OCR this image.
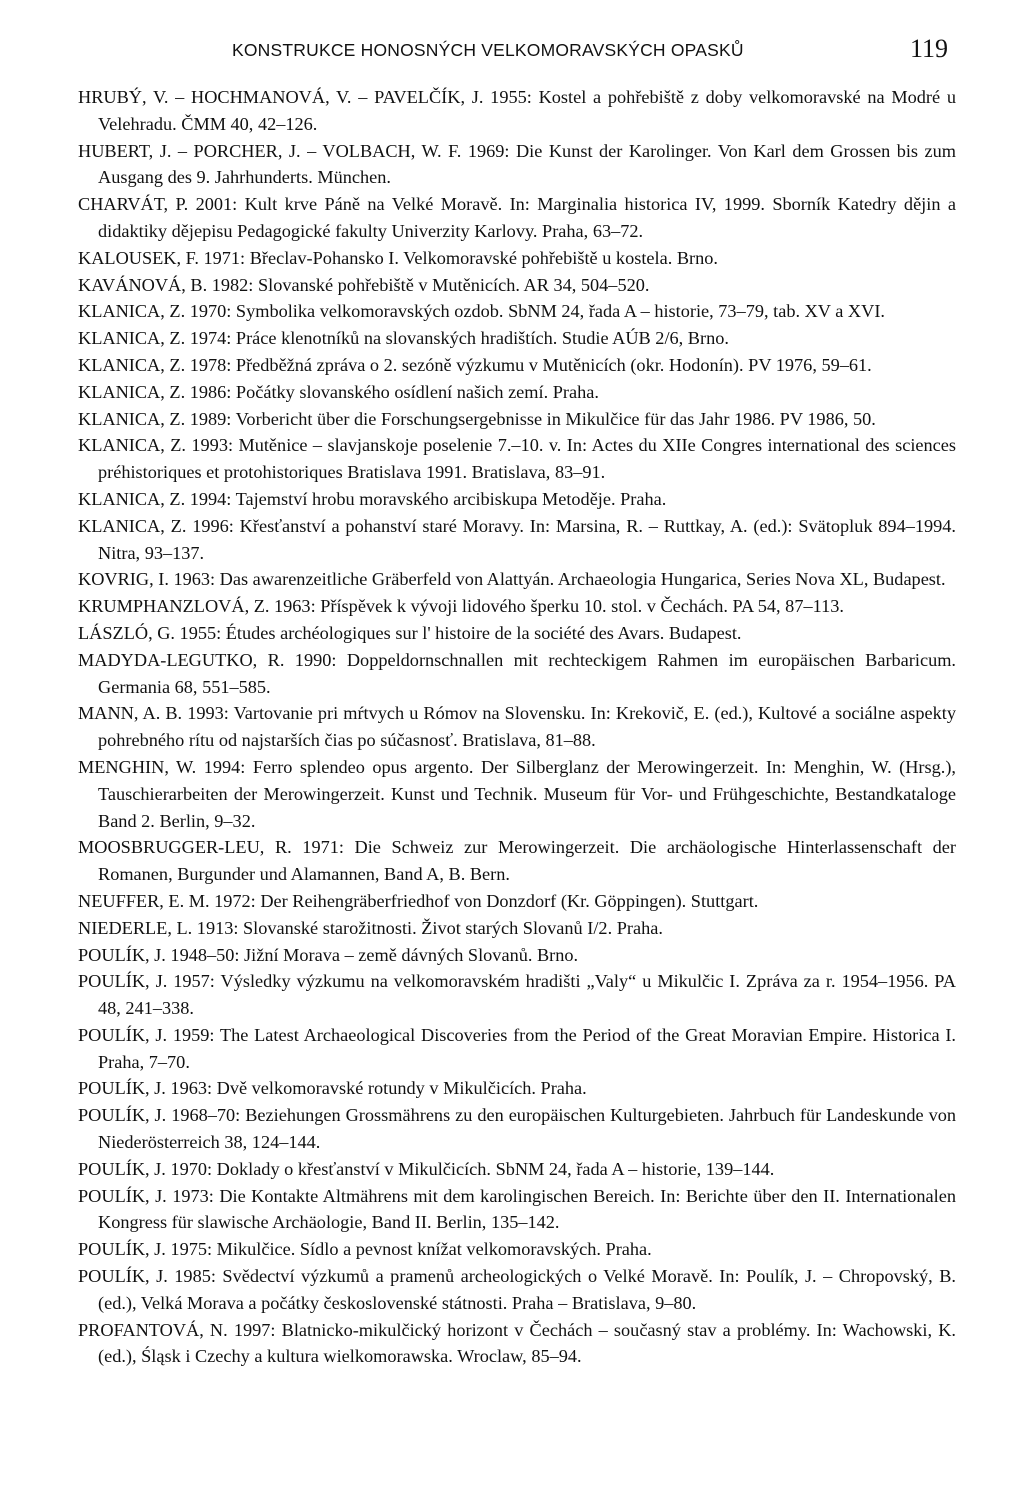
KONSTRUKCE HONOSNÝCH VELKOMORAVSKÝCH OPASKŮ	119
HRUBÝ, V. – HOCHMANOVÁ, V. – PAVELČÍK, J. 1955: Kostel a pohřebiště z doby velkomoravské na Modré u Velehradu. ČMM 40, 42–126.
HUBERT, J. – PORCHER, J. – VOLBACH, W. F. 1969: Die Kunst der Karolinger. Von Karl dem Grossen bis zum Ausgang des 9. Jahrhunderts. München.
CHARVÁT, P. 2001: Kult krve Páně na Velké Moravě. In: Marginalia historica IV, 1999. Sborník Katedry dějin a didaktiky dějepisu Pedagogické fakulty Univerzity Karlovy. Praha, 63–72.
KALOUSEK, F. 1971: Břeclav-Pohansko I. Velkomoravské pohřebiště u kostela. Brno.
KAVÁNOVÁ, B. 1982: Slovanské pohřebiště v Mutěnicích. AR 34, 504–520.
KLANICA, Z. 1970: Symbolika velkomoravských ozdob. SbNM 24, řada A – historie, 73–79, tab. XV a XVI.
KLANICA, Z. 1974: Práce klenotníků na slovanských hradištích. Studie AÚB 2/6, Brno.
KLANICA, Z. 1978: Předběžná zpráva o 2. sezóně výzkumu v Mutěnicích (okr. Hodonín). PV 1976, 59–61.
KLANICA, Z. 1986: Počátky slovanského osídlení našich zemí. Praha.
KLANICA, Z. 1989: Vorbericht über die Forschungsergebnisse in Mikulčice für das Jahr 1986. PV 1986, 50.
KLANICA, Z. 1993: Mutěnice – slavjanskoje poselenie 7.–10. v. In: Actes du XIIe Congres international des sciences préhistoriques et protohistoriques Bratislava 1991. Bratislava, 83–91.
KLANICA, Z. 1994: Tajemství hrobu moravského arcibiskupa Metoděje. Praha.
KLANICA, Z. 1996: Křesťanství a pohanství staré Moravy. In: Marsina, R. – Ruttkay, A. (ed.): Svätopluk 894–1994. Nitra, 93–137.
KOVRIG, I. 1963: Das awarenzeitliche Gräberfeld von Alattyán. Archaeologia Hungarica, Series Nova XL, Budapest.
KRUMPHANZLOVÁ, Z. 1963: Příspěvek k vývoji lidového šperku 10. stol. v Čechách. PA 54, 87–113.
LÁSZLÓ, G. 1955: Études archéologiques sur l' histoire de la société des Avars. Budapest.
MADYDA-LEGUTKO, R. 1990: Doppeldornschnallen mit rechteckigem Rahmen im europäischen Barbaricum. Germania 68, 551–585.
MANN, A. B. 1993: Vartovanie pri mŕtvych u Rómov na Slovensku. In: Krekovič, E. (ed.), Kultové a sociálne aspekty pohrebného rítu od najstarších čias po súčasnosť. Bratislava, 81–88.
MENGHIN, W. 1994: Ferro splendeo opus argento. Der Silberglanz der Merowingerzeit. In: Menghin, W. (Hrsg.), Tauschierarbeiten der Merowingerzeit. Kunst und Technik. Museum für Vor- und Frühgeschichte, Bestandkataloge Band 2. Berlin, 9–32.
MOOSBRUGGER-LEU, R. 1971: Die Schweiz zur Merowingerzeit. Die archäologische Hinterlassenschaft der Romanen, Burgunder und Alamannen, Band A, B. Bern.
NEUFFER, E. M. 1972: Der Reihengräberfriedhof von Donzdorf (Kr. Göppingen). Stuttgart.
NIEDERLE, L. 1913: Slovanské starožitnosti. Život starých Slovanů I/2. Praha.
POULÍK, J. 1948–50: Jižní Morava – země dávných Slovanů. Brno.
POULÍK, J. 1957: Výsledky výzkumu na velkomoravském hradišti „Valy“ u Mikulčic I. Zpráva za r. 1954–1956. PA 48, 241–338.
POULÍK, J. 1959: The Latest Archaeological Discoveries from the Period of the Great Moravian Empire. Historica I. Praha, 7–70.
POULÍK, J. 1963: Dvě velkomoravské rotundy v Mikulčicích. Praha.
POULÍK, J. 1968–70: Beziehungen Grossmährens zu den europäischen Kulturgebieten. Jahrbuch für Landeskunde von Niederösterreich 38, 124–144.
POULÍK, J. 1970: Doklady o křesťanství v Mikulčicích. SbNM 24, řada A – historie, 139–144.
POULÍK, J. 1973: Die Kontakte Altmährens mit dem karolingischen Bereich. In: Berichte über den II. Internationalen Kongress für slawische Archäologie, Band II. Berlin, 135–142.
POULÍK, J. 1975: Mikulčice. Sídlo a pevnost knížat velkomoravských. Praha.
POULÍK, J. 1985: Svědectví výzkumů a pramenů archeologických o Velké Moravě. In: Poulík, J. – Chropovský, B. (ed.), Velká Morava a počátky československé státnosti. Praha – Bratislava, 9–80.
PROFANTOVÁ, N. 1997: Blatnicko-mikulčický horizont v Čechách – současný stav a problémy. In: Wachowski, K. (ed.), Śląsk i Czechy a kultura wielkomorawska. Wroclaw, 85–94.
